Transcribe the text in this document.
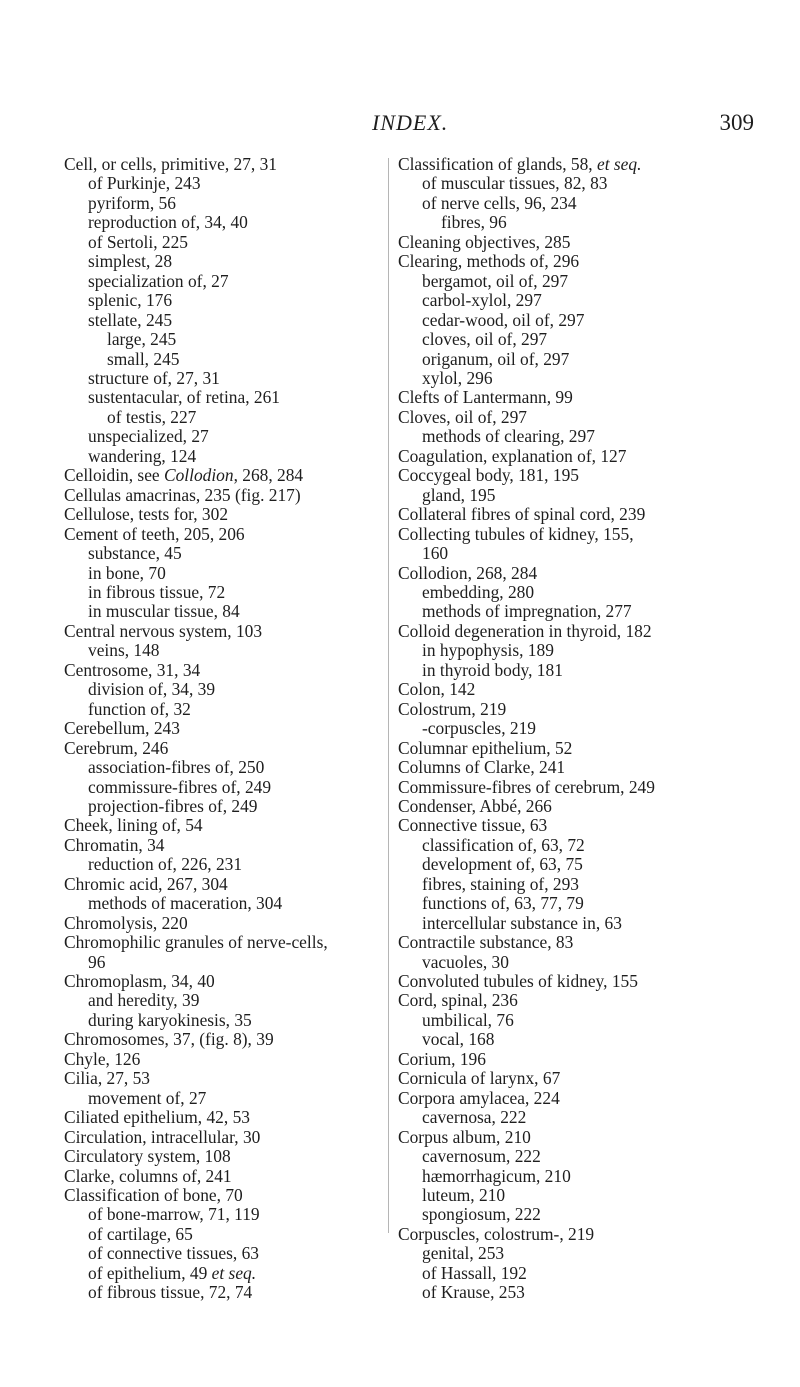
INDEX.	309
Cell, or cells, primitive, 27, 31
of Purkinje, 243
pyriform, 56
reproduction of, 34, 40
of Sertoli, 225
simplest, 28
specialization of, 27
splenic, 176
stellate, 245
large, 245
small, 245
structure of, 27, 31
sustentacular, of retina, 261
of testis, 227
unspecialized, 27
wandering, 124
Celloidin, see Collodion, 268, 284
Cellulas amacrinas, 235 (fig. 217)
Cellulose, tests for, 302
Cement of teeth, 205, 206
substance, 45
in bone, 70
in fibrous tissue, 72
in muscular tissue, 84
Central nervous system, 103
veins, 148
Centrosome, 31, 34
division of, 34, 39
function of, 32
Cerebellum, 243
Cerebrum, 246
association-fibres of, 250
commissure-fibres of, 249
projection-fibres of, 249
Cheek, lining of, 54
Chromatin, 34
reduction of, 226, 231
Chromic acid, 267, 304
methods of maceration, 304
Chromolysis, 220
Chromophilic granules of nerve-cells,
96
Chromoplasm, 34, 40
and heredity, 39
during karyokinesis, 35
Chromosomes, 37, (fig. 8), 39
Chyle, 126
Cilia, 27, 53
movement of, 27
Ciliated epithelium, 42, 53
Circulation, intracellular, 30
Circulatory system, 108
Clarke, columns of, 241
Classification of bone, 70
of bone-marrow, 71, 119
of cartilage, 65
of connective tissues, 63
of epithelium, 49 et seq.
of fibrous tissue, 72, 74
Classification of glands, 58, et seq.
of muscular tissues, 82, 83
of nerve cells, 96, 234
fibres, 96
Cleaning objectives, 285
Clearing, methods of, 296
bergamot, oil of, 297
carbol-xylol, 297
cedar-wood, oil of, 297
cloves, oil of, 297
origanum, oil of, 297
xylol, 296
Clefts of Lantermann, 99
Cloves, oil of, 297
methods of clearing, 297
Coagulation, explanation of, 127
Coccygeal body, 181, 195
gland, 195
Collateral fibres of spinal cord, 239
Collecting tubules of kidney, 155,
160
Collodion, 268, 284
embedding, 280
methods of impregnation, 277
Colloid degeneration in thyroid, 182
in hypophysis, 189
in thyroid body, 181
Colon, 142
Colostrum, 219
-corpuscles, 219
Columnar epithelium, 52
Columns of Clarke, 241
Commissure-fibres of cerebrum, 249
Condenser, Abbé, 266
Connective tissue, 63
classification of, 63, 72
development of, 63, 75
fibres, staining of, 293
functions of, 63, 77, 79
intercellular substance in, 63
Contractile substance, 83
vacuoles, 30
Convoluted tubules of kidney, 155
Cord, spinal, 236
umbilical, 76
vocal, 168
Corium, 196
Cornicula of larynx, 67
Corpora amylacea, 224
cavernosa, 222
Corpus album, 210
cavernosum, 222
hæmorrhagicum, 210
luteum, 210
spongiosum, 222
Corpuscles, colostrum-, 219
genital, 253
of Hassall, 192
of Krause, 253
